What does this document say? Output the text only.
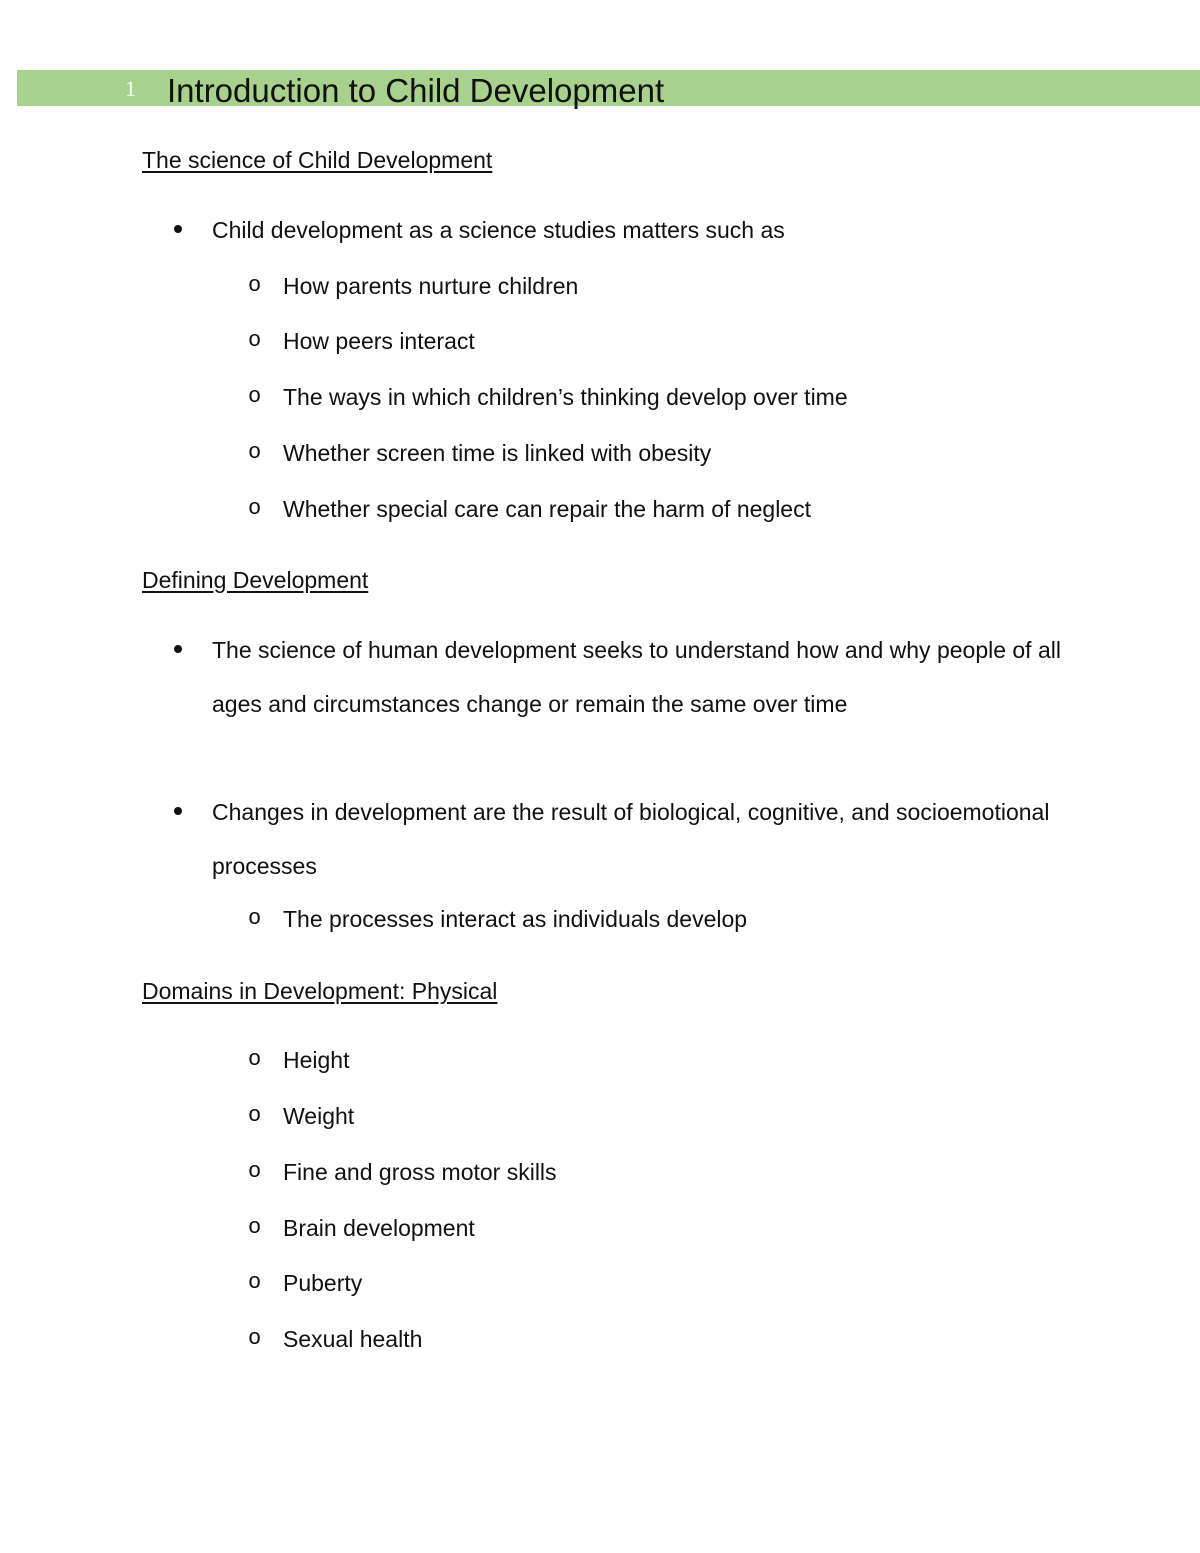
1 Introduction to Child Development
The science of Child Development
Child development as a science studies matters such as
o How parents nurture children
o How peers interact
o The ways in which children’s thinking develop over time
o Whether screen time is linked with obesity
o Whether special care can repair the harm of neglect
Defining Development
The science of human development seeks to understand how and why people of all ages and circumstances change or remain the same over time
Changes in development are the result of biological, cognitive, and socioemotional processes
o The processes interact as individuals develop
Domains in Development: Physical
o Height
o Weight
o Fine and gross motor skills
o Brain development
o Puberty
o Sexual health
